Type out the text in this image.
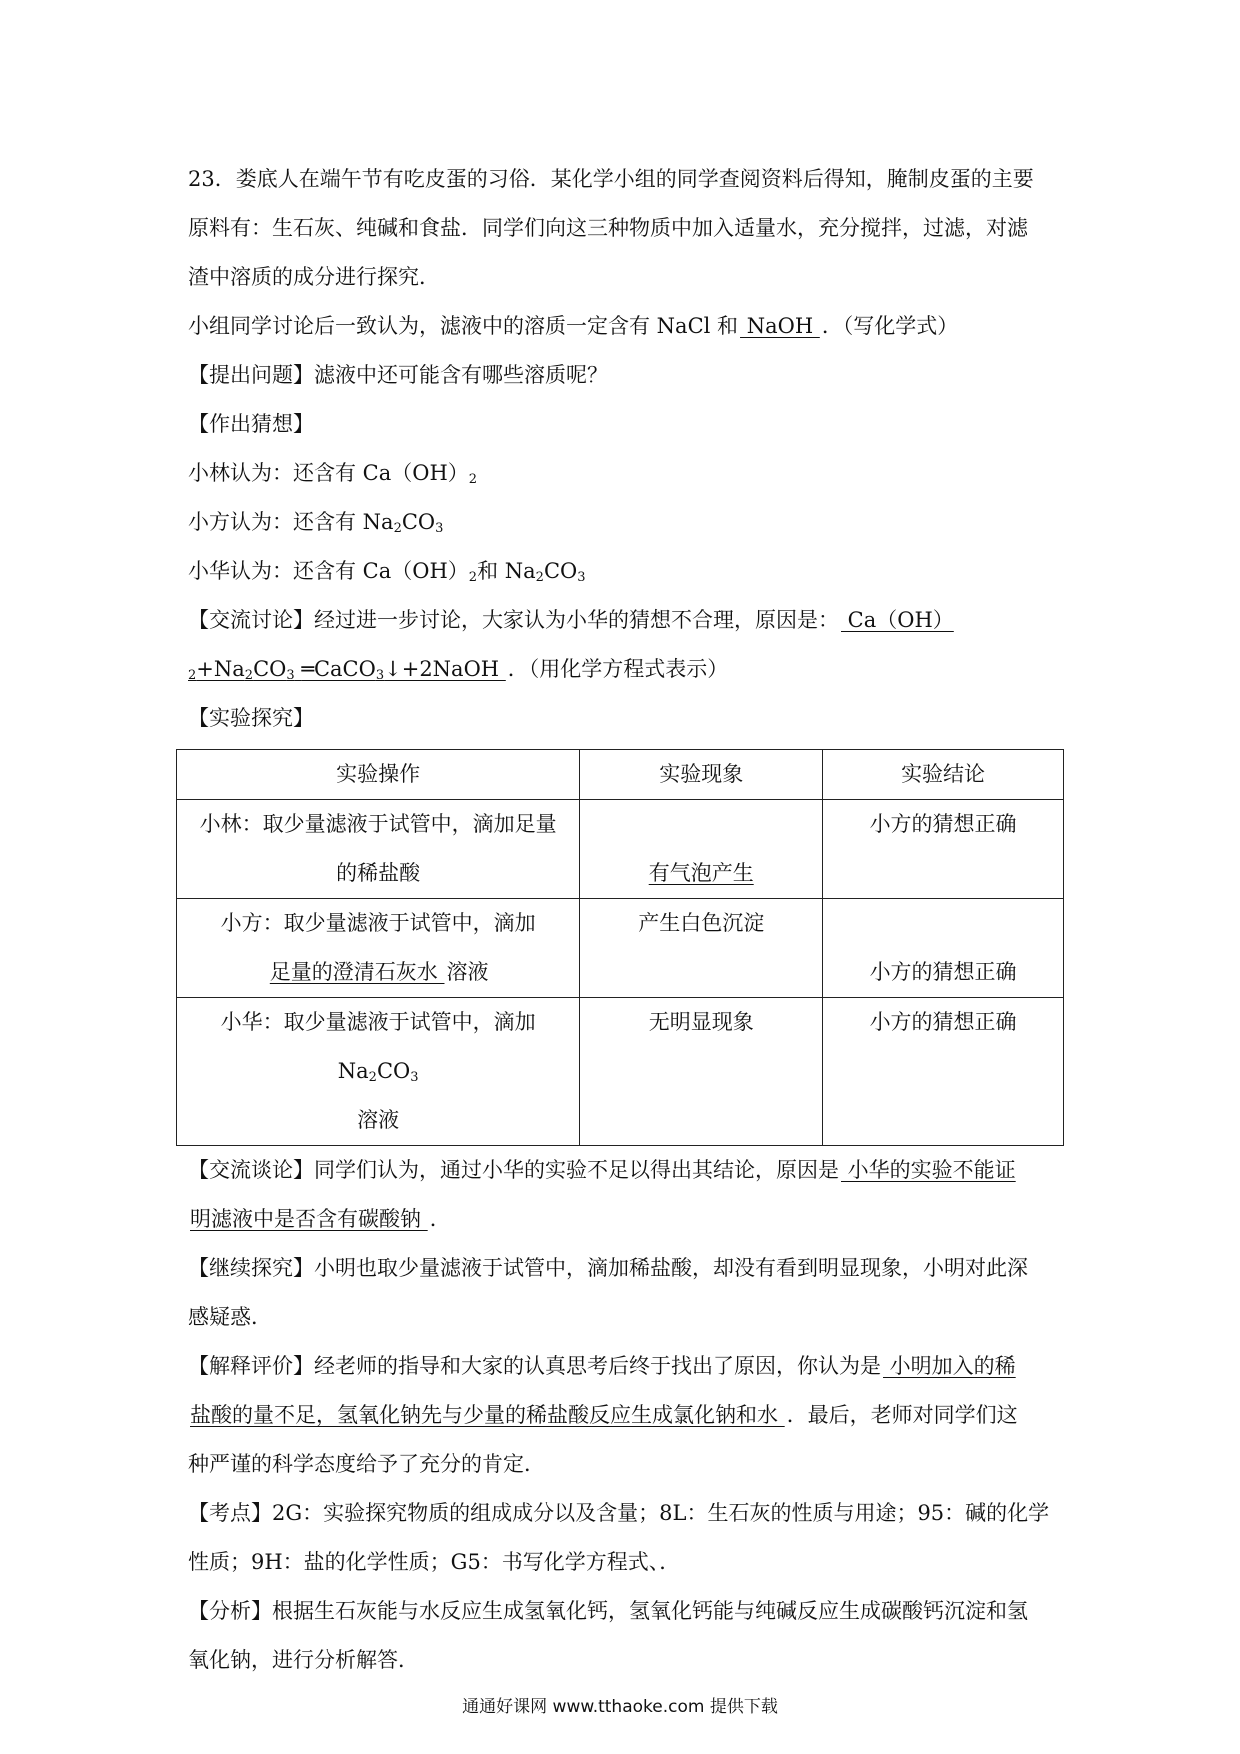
23．娄底人在端午节有吃皮蛋的习俗．某化学小组的同学查阅资料后得知，腌制皮蛋的主要

原料有：生石灰、纯碱和食盐．同学们向这三种物质中加入适量水，充分搅拌，过滤，对滤

渣中溶质的成分进行探究．

小组同学讨论后一致认为，滤液中的溶质一定含有 NaCl 和 NaOH ．（写化学式）

【提出问题】滤液中还可能含有哪些溶质呢？

【作出猜想】

小林认为：还含有 $Ca(OH)_2$

小方认为：还含有 $Na_2CO_3$

小华认为：还含有 $Ca(OH)_2$和 $Na_2CO_3$

【交流讨论】经过进一步讨论，大家认为小华的猜想不合理，原因是： $Ca(OH)_2+Na_2CO_3$ ═CaCO$_3$↓+2NaOH ．（用化学方程式表示）

【实验探究】

实验操作	实验现象	实验结论

小林：取少量滤液于试管中，滴加足量
的稀盐酸	有气泡产生	小方的猜想正确

小方：取少量滤液于试管中，滴加
足量的澄清石灰水 溶液	产生白色沉淀	小方的猜想正确

小华：取少量滤液于试管中，滴加 $Na_2CO_3$
溶液	无明显现象	小方的猜想正确

【交流谈论】同学们认为，通过小华的实验不足以得出其结论，原因是 小华的实验不能证

明滤液中是否含有碳酸钠 ．

【继续探究】小明也取少量滤液于试管中，滴加稀盐酸，却没有看到明显现象，小明对此深

感疑惑．

【解释评价】经老师的指导和大家的认真思考后终于找出了原因，你认为是 小明加入的稀

盐酸的量不足，氢氧化钠先与少量的稀盐酸反应生成氯化钠和水 ．最后，老师对同学们这

种严谨的科学态度给予了充分的肯定．

【考点】2G：实验探究物质的组成成分以及含量；8L：生石灰的性质与用途；95：碱的化学

性质；9H：盐的化学性质；G5：书写化学方程式、．

【分析】根据生石灰能与水反应生成氢氧化钙，氢氧化钙能与纯碱反应生成碳酸钙沉淀和氢

氧化钠，进行分析解答．

通通好课网 www.tthaoke.com 提供下载
